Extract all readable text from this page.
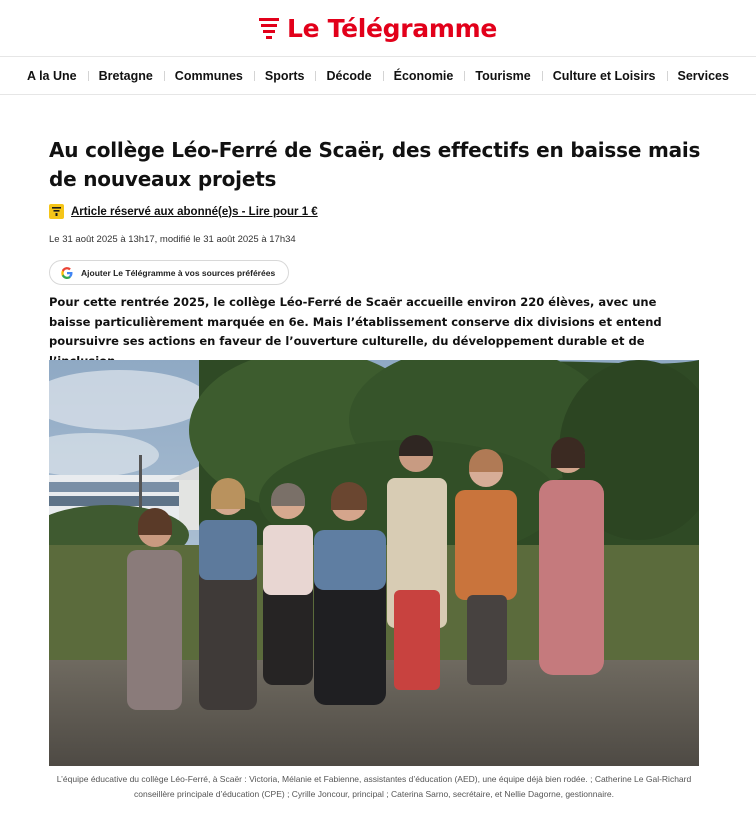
Le Télégramme
A la Une	Bretagne	Communes	Sports	Décode	Économie	Tourisme	Culture et Loisirs	Services
Au collège Léo-Ferré de Scaër, des effectifs en baisse mais de nouveaux projets
Article réservé aux abonné(e)s - Lire pour 1 €
Le 31 août 2025 à 13h17, modifié le 31 août 2025 à 17h34
Ajouter Le Télégramme à vos sources préférées

Pour cette rentrée 2025, le collège Léo-Ferré de Scaër accueille environ 220 élèves, avec une baisse particulièrement marquée en 6e. Mais l’établissement conserve dix divisions et entend poursuivre ses actions en faveur de l’ouverture culturelle, du développement durable et de

L’équipe éducative du collège Léo-Ferré, à Scaër : Victoria, Mélanie et Fabienne, assistantes d’éducation (AED), une équipe déjà bien rodée. ; Catherine Le Gal-Richard conseillère principale d’éducation (CPE) ; Cyrille Joncour, principal ; Caterina Sarno, secrétaire, et Nellie Dagorne, gestionnaire.
